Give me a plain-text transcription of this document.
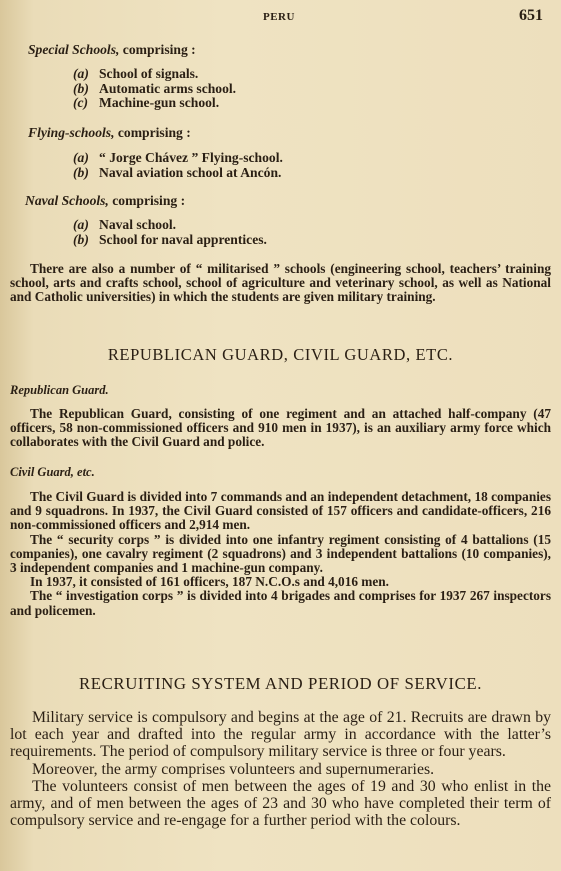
PERU	651
Special Schools, comprising :
(a) School of signals.
(b) Automatic arms school.
(c) Machine-gun school.
Flying-schools, comprising :
(a) “ Jorge Chávez ” Flying-school.
(b) Naval aviation school at Ancón.
Naval Schools, comprising :
(a) Naval school.
(b) School for naval apprentices.

There are also a number of “ militarised ” schools (engineering school, teachers’ training school, arts and crafts school, school of agriculture and veterinary school, as well as National and Catholic universities) in which the students are given military training.

REPUBLICAN GUARD, CIVIL GUARD, ETC.
Republican Guard.

The Republican Guard, consisting of one regiment and an attached half-company (47 officers, 58 non-commissioned officers and 910 men in 1937), is an auxiliary army force which collaborates with the Civil Guard and police.

Civil Guard, etc.

The Civil Guard is divided into 7 commands and an independent detachment, 18 companies and 9 squadrons. In 1937, the Civil Guard consisted of 157 officers and candidate-officers, 216 non-commissioned officers and 2,914 men.

The “ security corps ” is divided into one infantry regiment consisting of 4 battalions (15 companies), one cavalry regiment (2 squadrons) and 3 independent battalions (10 companies), 3 independent companies and 1 machine-gun company.

In 1937, it consisted of 161 officers, 187 N.C.O.s and 4,016 men.

The “ investigation corps ” is divided into 4 brigades and comprises for 1937 267 inspectors and policemen.

RECRUITING SYSTEM AND PERIOD OF SERVICE.

Military service is compulsory and begins at the age of 21. Recruits are drawn by lot each year and drafted into the regular army in accordance with the latter’s requirements. The period of compulsory military service is three or four years.

Moreover, the army comprises volunteers and supernumeraries.

The volunteers consist of men between the ages of 19 and 30 who enlist in the army, and of men between the ages of 23 and 30 who have completed their term of compulsory service and re-engage for a further period with the colours.
